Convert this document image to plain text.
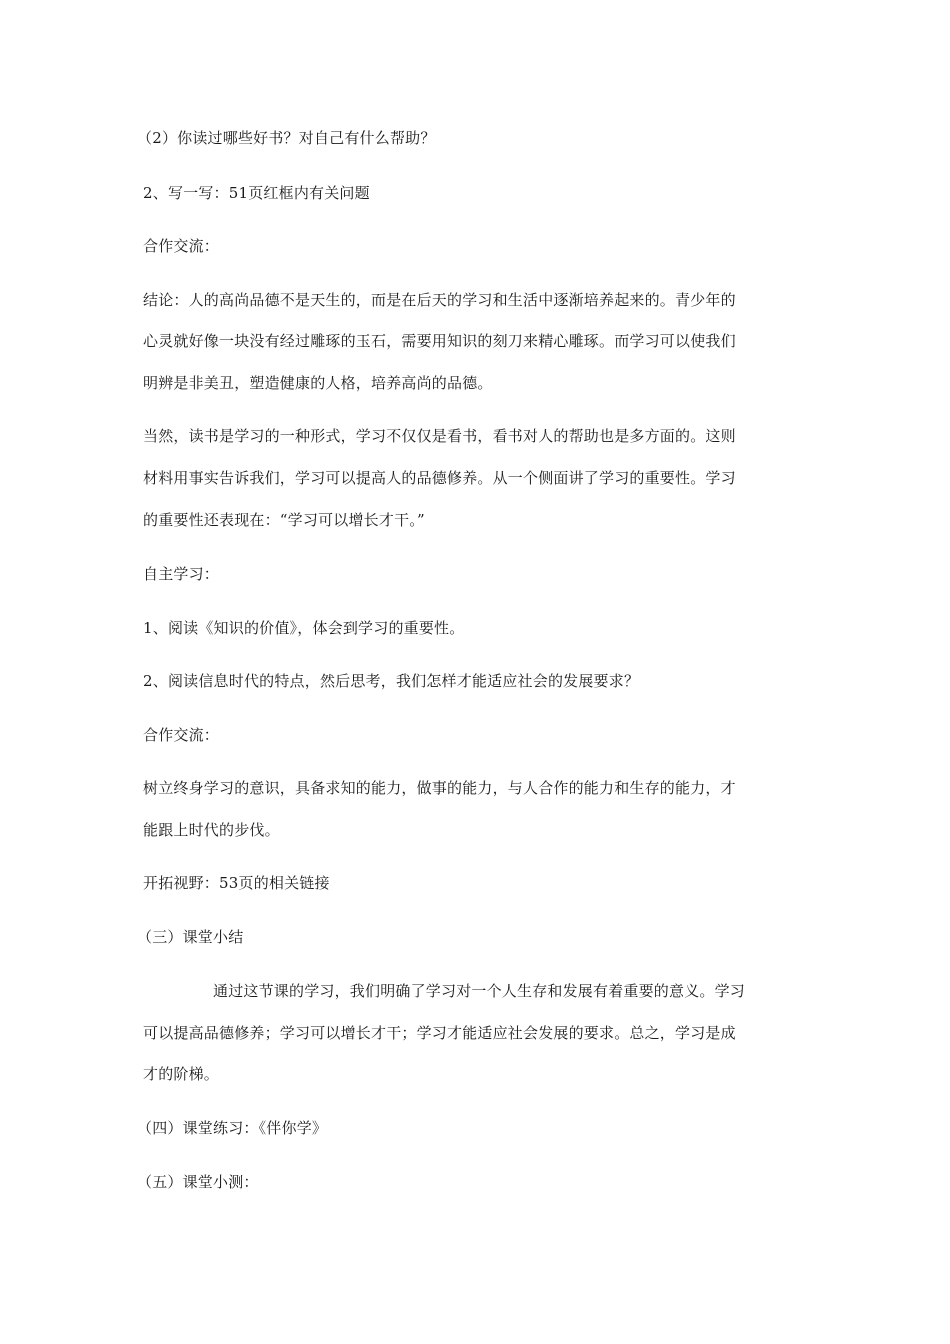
（2）你读过哪些好书？对自己有什么帮助？
2、写一写：51页红框内有关问题
合作交流：
结论：人的高尚品德不是天生的，而是在后天的学习和生活中逐渐培养起来的。青少年的
心灵就好像一块没有经过雕琢的玉石，需要用知识的刻刀来精心雕琢。而学习可以使我们
明辨是非美丑，塑造健康的人格，培养高尚的品德。
当然，读书是学习的一种形式，学习不仅仅是看书，看书对人的帮助也是多方面的。这则
材料用事实告诉我们，学习可以提高人的品德修养。从一个侧面讲了学习的重要性。学习
的重要性还表现在：“学习可以增长才干。”
自主学习：
1、阅读《知识的价值》，体会到学习的重要性。
2、阅读信息时代的特点，然后思考，我们怎样才能适应社会的发展要求？
合作交流：
树立终身学习的意识，具备求知的能力，做事的能力，与人合作的能力和生存的能力，才
能跟上时代的步伐。
开拓视野：53页的相关链接
（三）课堂小结
通过这节课的学习，我们明确了学习对一个人生存和发展有着重要的意义。学习
可以提高品德修养；学习可以增长才干；学习才能适应社会发展的要求。总之，学习是成
才的阶梯。
（四）课堂练习：《伴你学》
（五）课堂小测：
